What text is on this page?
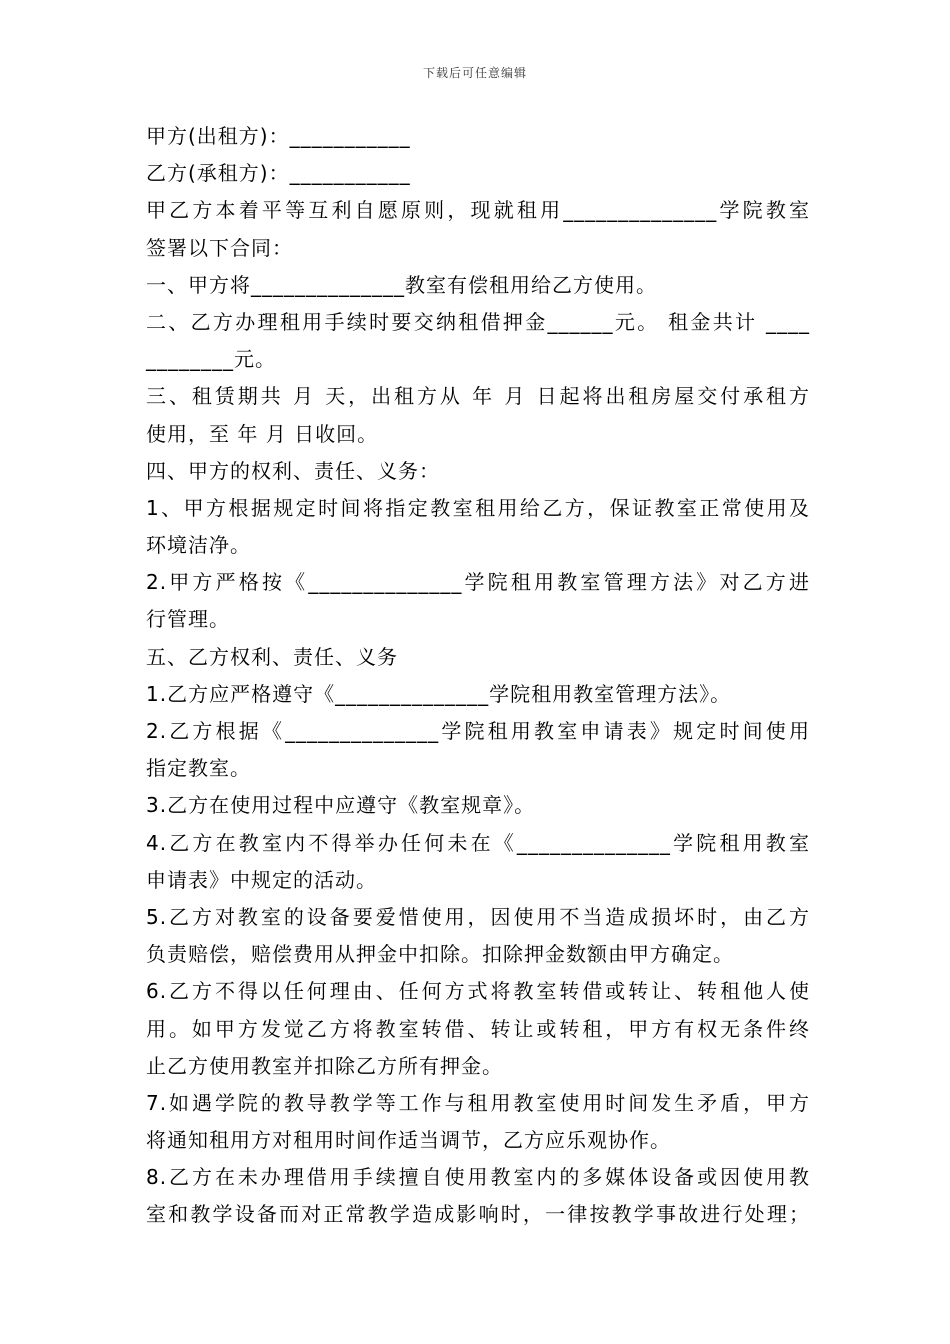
下载后可任意编辑
甲方(出租方)：___________
乙方(承租方)：___________
甲乙方本着平等互利自愿原则，现就租用______________学院教室
签署以下合同：
一、甲方将______________教室有偿租用给乙方使用。
二、乙方办理租用手续时要交纳租借押金______元。 租金共计 ____
________元。
三、租赁期共 月 天，出租方从 年 月 日起将出租房屋交付承租方
使用，至 年 月 日收回。
四、甲方的权利、责任、义务：
1、甲方根据规定时间将指定教室租用给乙方，保证教室正常使用及
环境洁净。
2.甲方严格按《______________学院租用教室管理方法》对乙方进
行管理。
五、乙方权利、责任、义务
1.乙方应严格遵守《______________学院租用教室管理方法》。
2.乙方根据《______________学院租用教室申请表》规定时间使用
指定教室。
3.乙方在使用过程中应遵守《教室规章》。
4.乙方在教室内不得举办任何未在《______________学院租用教室
申请表》中规定的活动。
5.乙方对教室的设备要爱惜使用，因使用不当造成损坏时，由乙方
负责赔偿，赔偿费用从押金中扣除。扣除押金数额由甲方确定。
6.乙方不得以任何理由、任何方式将教室转借或转让、转租他人使
用。如甲方发觉乙方将教室转借、转让或转租，甲方有权无条件终
止乙方使用教室并扣除乙方所有押金。
7.如遇学院的教导教学等工作与租用教室使用时间发生矛盾，甲方
将通知租用方对租用时间作适当调节，乙方应乐观协作。
8.乙方在未办理借用手续擅自使用教室内的多媒体设备或因使用教
室和教学设备而对正常教学造成影响时，一律按教学事故进行处理；
